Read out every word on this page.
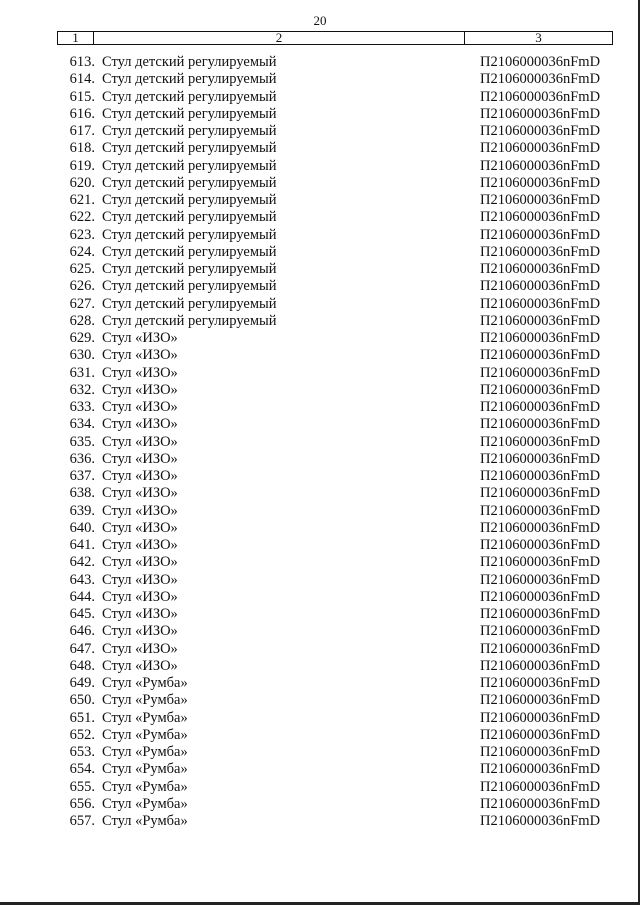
20
1	2	3
613. Стул детский регулируемый	П2106000036nFmD
614. Стул детский регулируемый	П2106000036nFmD
615. Стул детский регулируемый	П2106000036nFmD
616. Стул детский регулируемый	П2106000036nFmD
617. Стул детский регулируемый	П2106000036nFmD
618. Стул детский регулируемый	П2106000036nFmD
619. Стул детский регулируемый	П2106000036nFmD
620. Стул детский регулируемый	П2106000036nFmD
621. Стул детский регулируемый	П2106000036nFmD
622. Стул детский регулируемый	П2106000036nFmD
623. Стул детский регулируемый	П2106000036nFmD
624. Стул детский регулируемый	П2106000036nFmD
625. Стул детский регулируемый	П2106000036nFmD
626. Стул детский регулируемый	П2106000036nFmD
627. Стул детский регулируемый	П2106000036nFmD
628. Стул детский регулируемый	П2106000036nFmD
629. Стул «ИЗО»	П2106000036nFmD
630. Стул «ИЗО»	П2106000036nFmD
631. Стул «ИЗО»	П2106000036nFmD
632. Стул «ИЗО»	П2106000036nFmD
633. Стул «ИЗО»	П2106000036nFmD
634. Стул «ИЗО»	П2106000036nFmD
635. Стул «ИЗО»	П2106000036nFmD
636. Стул «ИЗО»	П2106000036nFmD
637. Стул «ИЗО»	П2106000036nFmD
638. Стул «ИЗО»	П2106000036nFmD
639. Стул «ИЗО»	П2106000036nFmD
640. Стул «ИЗО»	П2106000036nFmD
641. Стул «ИЗО»	П2106000036nFmD
642. Стул «ИЗО»	П2106000036nFmD
643. Стул «ИЗО»	П2106000036nFmD
644. Стул «ИЗО»	П2106000036nFmD
645. Стул «ИЗО»	П2106000036nFmD
646. Стул «ИЗО»	П2106000036nFmD
647. Стул «ИЗО»	П2106000036nFmD
648. Стул «ИЗО»	П2106000036nFmD
649. Стул «Румба»	П2106000036nFmD
650. Стул «Румба»	П2106000036nFmD
651. Стул «Румба»	П2106000036nFmD
652. Стул «Румба»	П2106000036nFmD
653. Стул «Румба»	П2106000036nFmD
654. Стул «Румба»	П2106000036nFmD
655. Стул «Румба»	П2106000036nFmD
656. Стул «Румба»	П2106000036nFmD
657. Стул «Румба»	П2106000036nFmD
